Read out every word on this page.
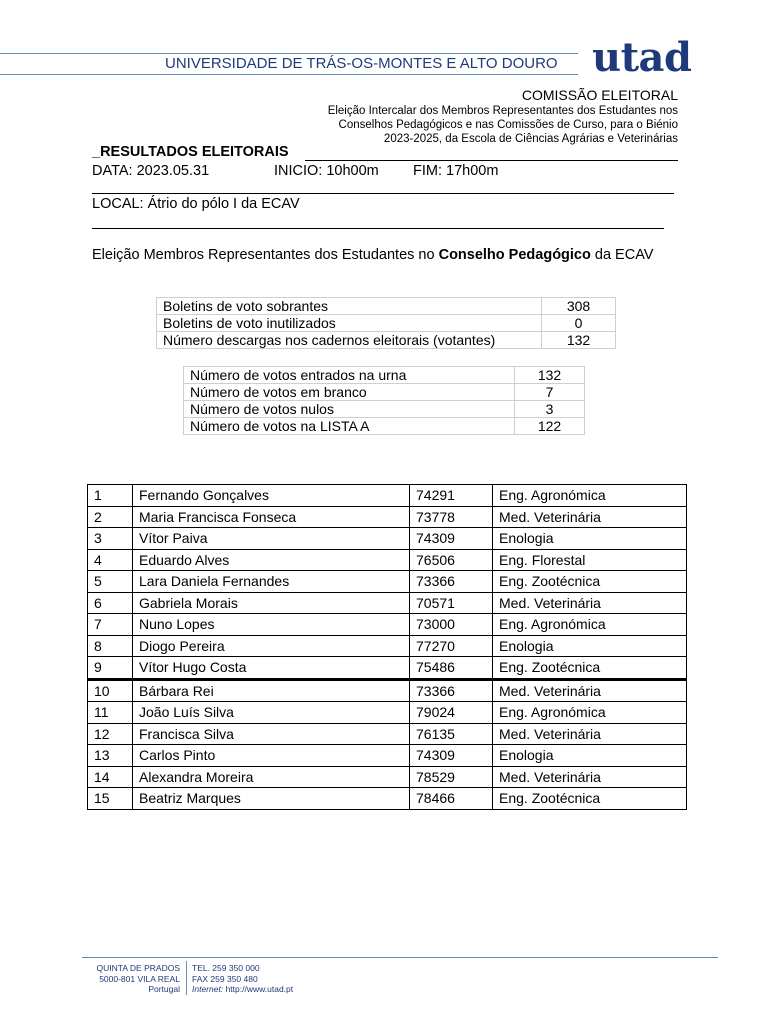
UNIVERSIDADE DE TRÁS-OS-MONTES E ALTO DOURO utad
COMISSÃO ELEITORAL
Eleição Intercalar dos Membros Representantes dos Estudantes nos
Conselhos Pedagógicos e nas Comissões de Curso, para o Biénio
2023-2025, da Escola de Ciências Agrárias e Veterinárias
_RESULTADOS ELEITORAIS
DATA: 2023.05.31	INICIO: 10h00m FIM: 17h00m
LOCAL: Átrio do pólo I da ECAV
Eleição Membros Representantes dos Estudantes no Conselho Pedagógico da ECAV
Boletins de voto sobrantes	308
Boletins de voto inutilizados	0
Número descargas nos cadernos eleitorais (votantes)	132
Número de votos entrados na urna	132
Número de votos em branco	7
Número de votos nulos	3
Número de votos na LISTA A	122
1	Fernando Gonçalves	74291	Eng. Agronómica
2	Maria Francisca Fonseca	73778	Med. Veterinária
3	Vítor Paiva	74309	Enologia
4	Eduardo Alves	76506	Eng. Florestal
5	Lara Daniela Fernandes	73366	Eng. Zootécnica
6	Gabriela Morais	70571	Med. Veterinária
7	Nuno Lopes	73000	Eng. Agronómica
8	Diogo Pereira	77270	Enologia
9	Vítor Hugo Costa	75486	Eng. Zootécnica
10	Bárbara Rei	73366	Med. Veterinária
11	João Luís Silva	79024	Eng. Agronómica
12	Francisca Silva	76135	Med. Veterinária
13	Carlos Pinto	74309	Enologia
14	Alexandra Moreira	78529	Med. Veterinária
15	Beatriz Marques	78466	Eng. Zootécnica
QUINTA DE PRADOS
5000-801 VILA REAL
Portugal
TEL. 259 350 000
FAX 259 350 480
Internet: http://www.utad.pt
